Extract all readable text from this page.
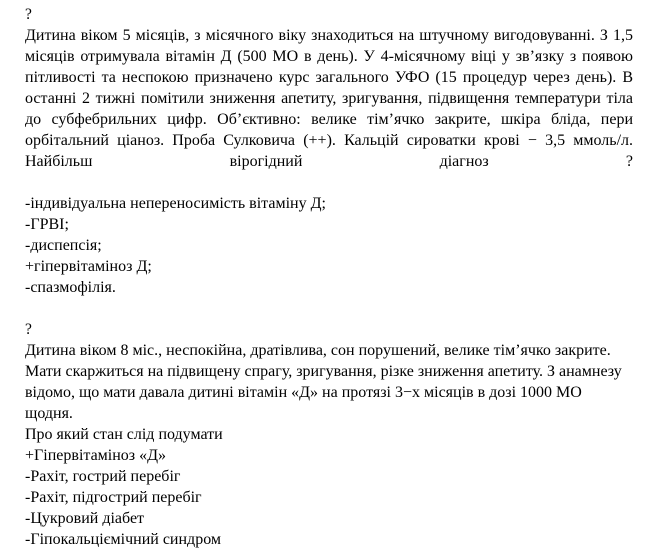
?
Дитина віком 5 місяців, з місячного віку знаходиться на штучному вигодовуванні. З 1,5 місяців отримувала вітамін Д (500 МО в день). У 4-місячному віці у зв’язку з появою пітливості та неспокою призначено курс загального УФО (15 процедур через день). В останні 2 тижні помітили зниження апетиту, зригування, підвищення температури тіла до субфебрильних цифр. Об’єктивно: велике тім’ячко закрите, шкіра бліда, пери орбітальний ціаноз. Проба Сулковича (++). Кальцій сироватки крові − 3,5 ммоль/л. Найбільш вірогідний діагноз ?
-індивідуальна непереносимість вітаміну Д;
-ГРВІ;
-диспепсія;
+гіпервітаміноз Д;
-спазмофілія.

?
Дитина віком 8 міс., неспокійна, дратівлива, сон порушений, велике тім’ячко закрите. Мати скаржиться на підвищену спрагу, зригування, різке зниження апетиту. З анамнезу відомо, що мати давала дитині вітамін «Д» на протязі 3−х місяців в дозі 1000 МО щодня.
Про який стан слід подумати
+Гіпервітаміноз «Д»
-Рахіт, гострий перебіг
-Рахіт, підгострий перебіг
-Цукровий діабет
-Гіпокальціємічний синдром
